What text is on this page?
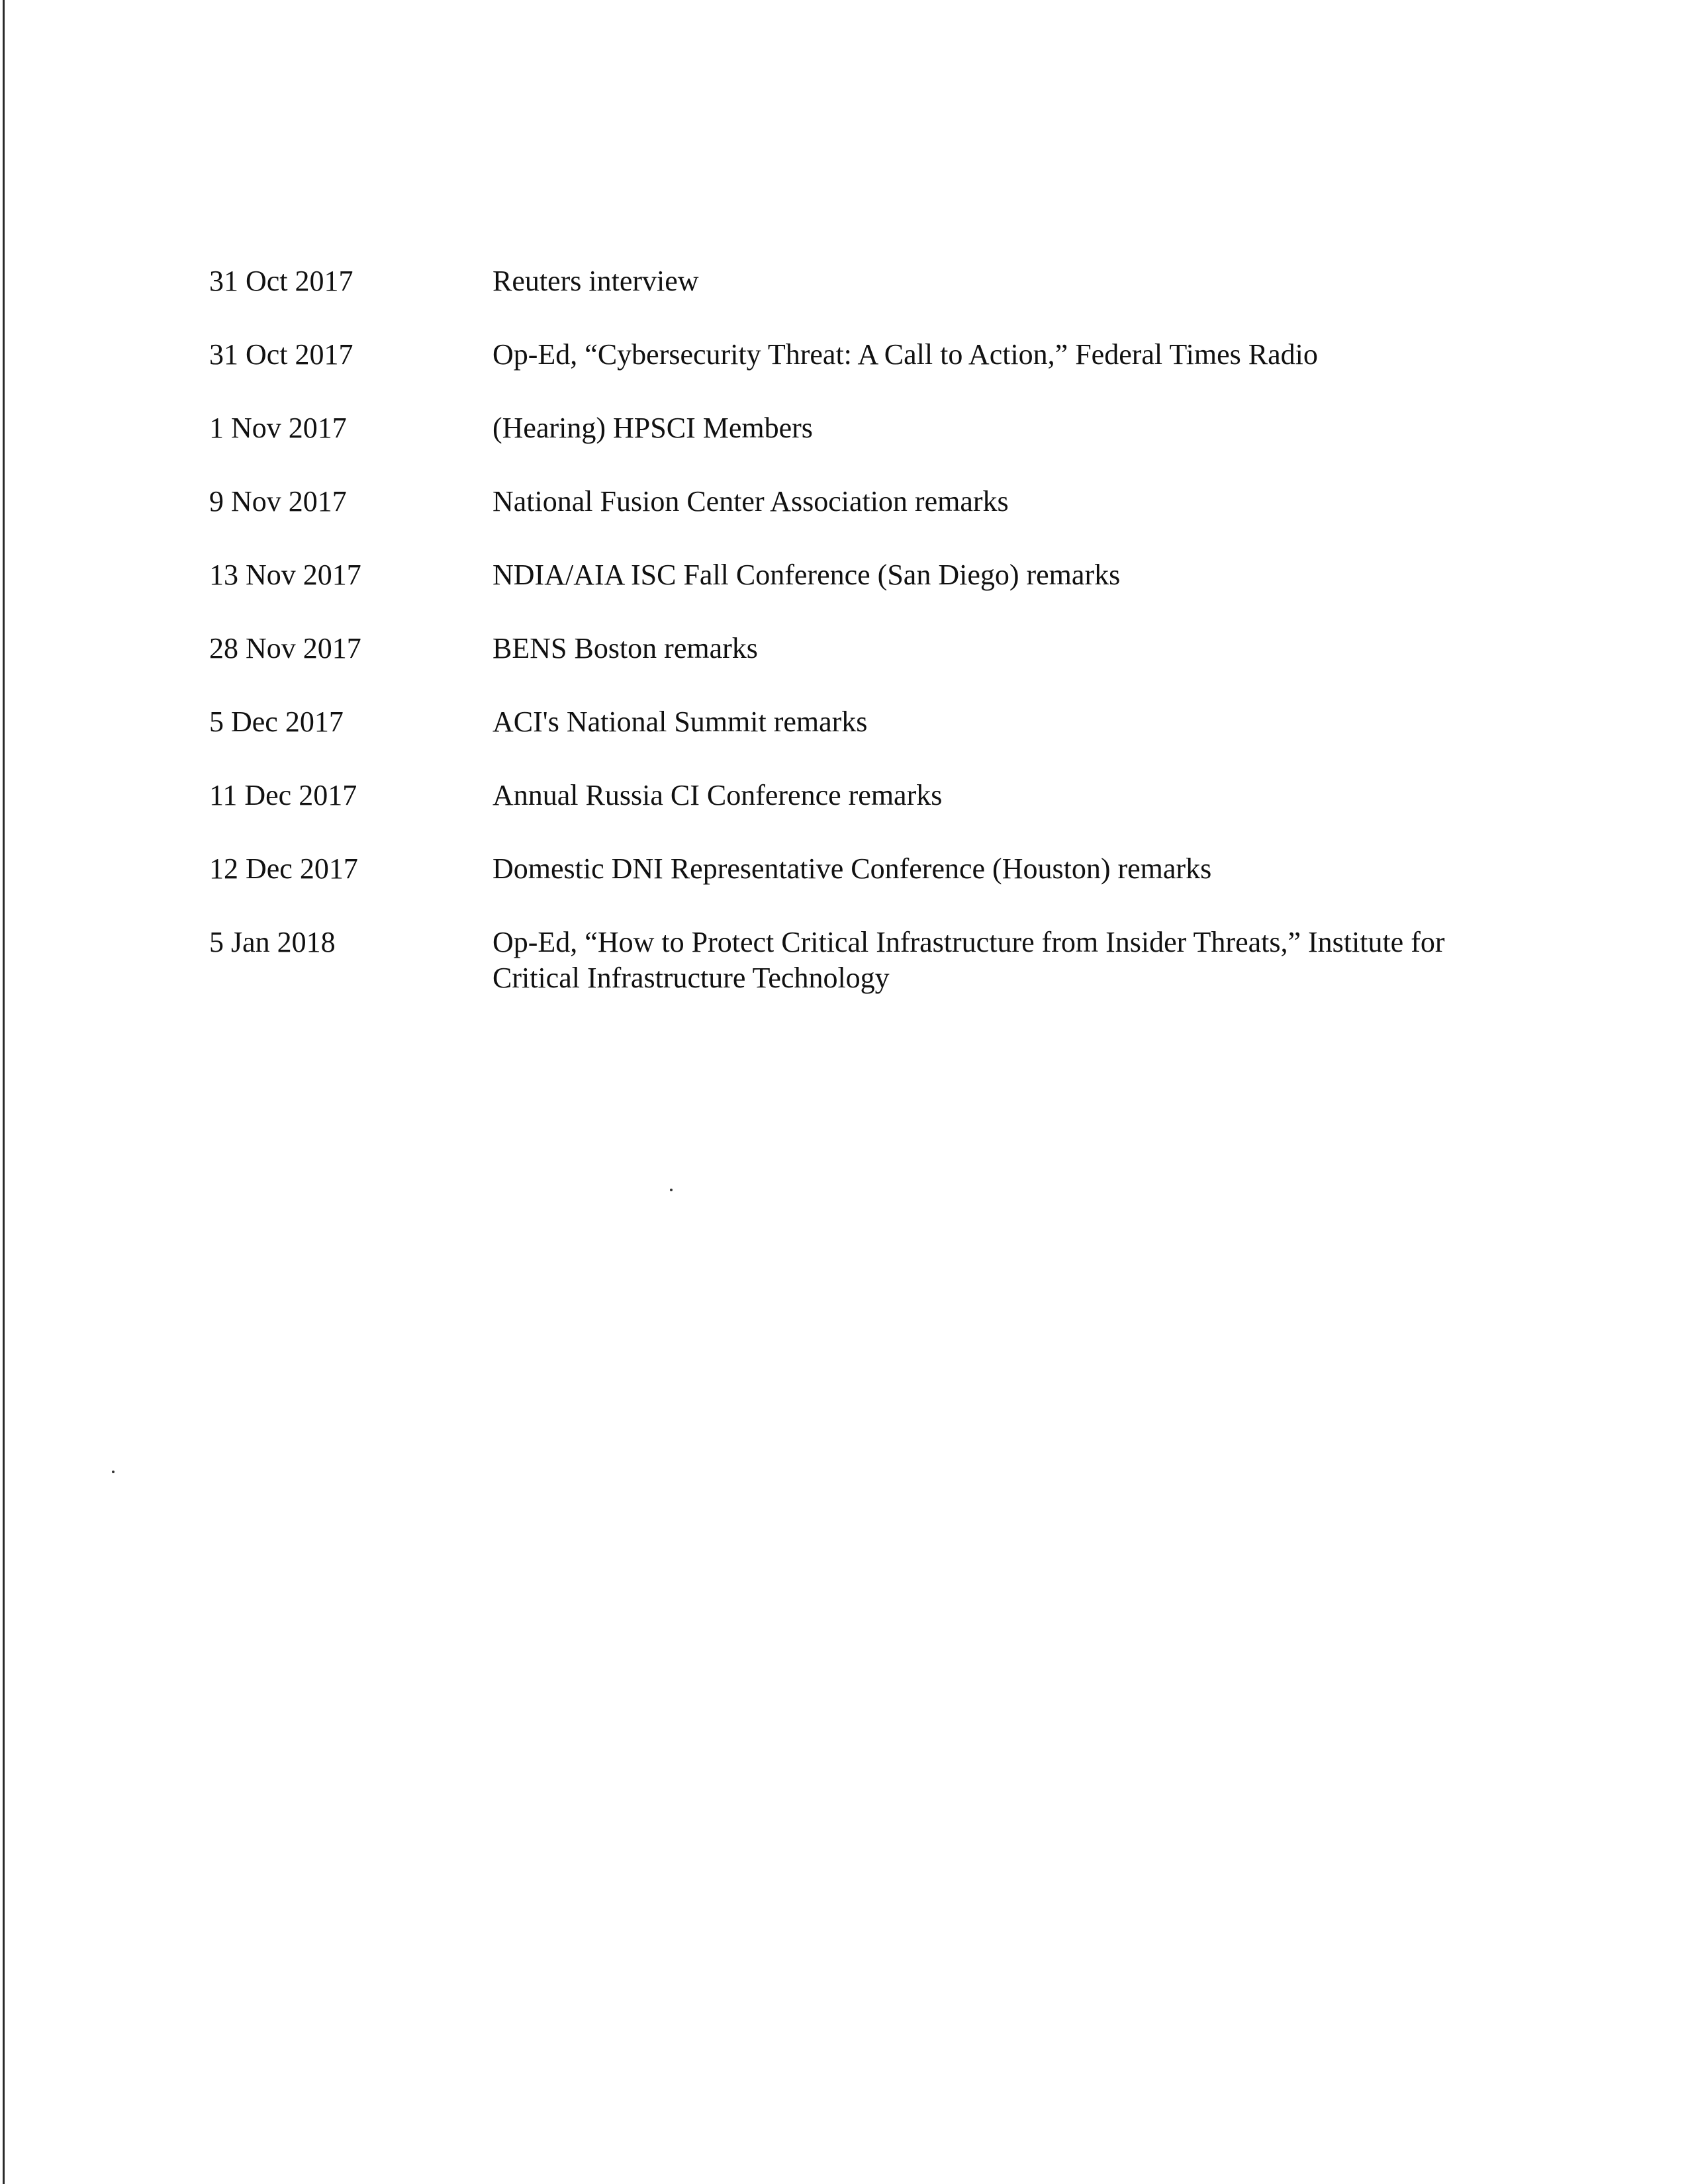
31 Oct 2017	Reuters interview
31 Oct 2017	Op-Ed, “Cybersecurity Threat: A Call to Action,” Federal Times Radio
1 Nov 2017	(Hearing) HPSCI Members
9 Nov 2017	National Fusion Center Association remarks
13 Nov 2017	NDIA/AIA ISC Fall Conference (San Diego) remarks
28 Nov 2017	BENS Boston remarks
5 Dec 2017	ACI's National Summit remarks
11 Dec 2017	Annual Russia CI Conference remarks
12 Dec 2017	Domestic DNI Representative Conference (Houston) remarks
5 Jan 2018	Op-Ed, “How to Protect Critical Infrastructure from Insider Threats,” Institute for Critical Infrastructure Technology
